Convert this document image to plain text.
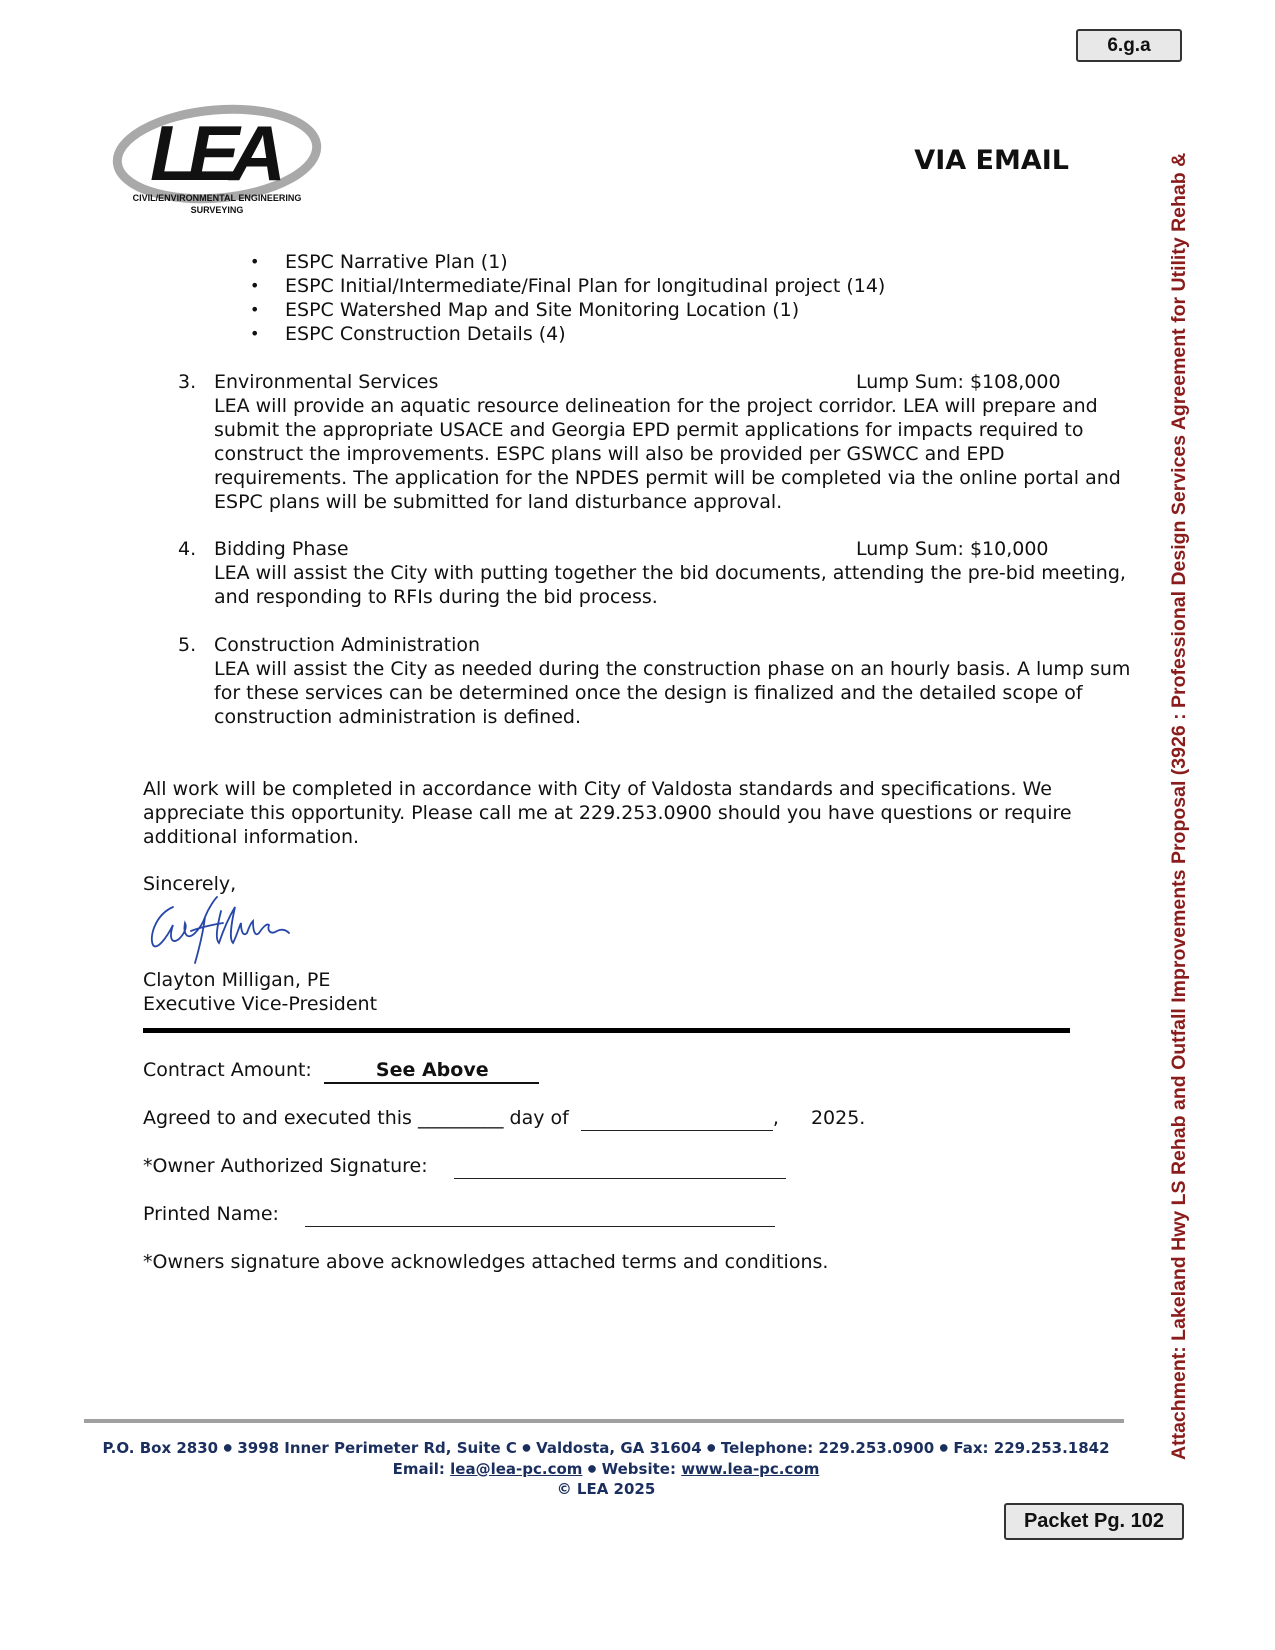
6.g.a
LEA
CIVIL/ENVIRONMENTAL ENGINEERING
SURVEYING
VIA EMAIL
• ESPC Narrative Plan (1)
• ESPC Initial/Intermediate/Final Plan for longitudinal project (14)
• ESPC Watershed Map and Site Monitoring Location (1)
• ESPC Construction Details (4)
3. Environmental Services	Lump Sum: $108,000
LEA will provide an aquatic resource delineation for the project corridor. LEA will prepare and
submit the appropriate USACE and Georgia EPD permit applications for impacts required to
construct the improvements. ESPC plans will also be provided per GSWCC and EPD
requirements. The application for the NPDES permit will be completed via the online portal and
ESPC plans will be submitted for land disturbance approval.
4. Bidding Phase	Lump Sum: $10,000
LEA will assist the City with putting together the bid documents, attending the pre-bid meeting,
and responding to RFIs during the bid process.
5. Construction Administration
LEA will assist the City as needed during the construction phase on an hourly basis. A lump sum
for these services can be determined once the design is finalized and the detailed scope of
construction administration is defined.
All work will be completed in accordance with City of Valdosta standards and specifications. We
appreciate this opportunity. Please call me at 229.253.0900 should you have questions or require
additional information.
Sincerely,
Clayton Milligan, PE
Executive Vice-President
Contract Amount:	See Above
Agreed to and executed this _________ day of	, 2025.
*Owner Authorized Signature:
Printed Name:
*Owners signature above acknowledges attached terms and conditions.
P.O. Box 2830 ● 3998 Inner Perimeter Rd, Suite C ● Valdosta, GA 31604 ● Telephone: 229.253.0900 ● Fax: 229.253.1842
Email: lea@lea-pc.com ● Website: www.lea-pc.com
© LEA 2025
Attachment: Lakeland Hwy LS Rehab and Outfall Improvements Proposal (3926 : Professional Design Services Agreement for Utility Rehab &
Packet Pg. 102
